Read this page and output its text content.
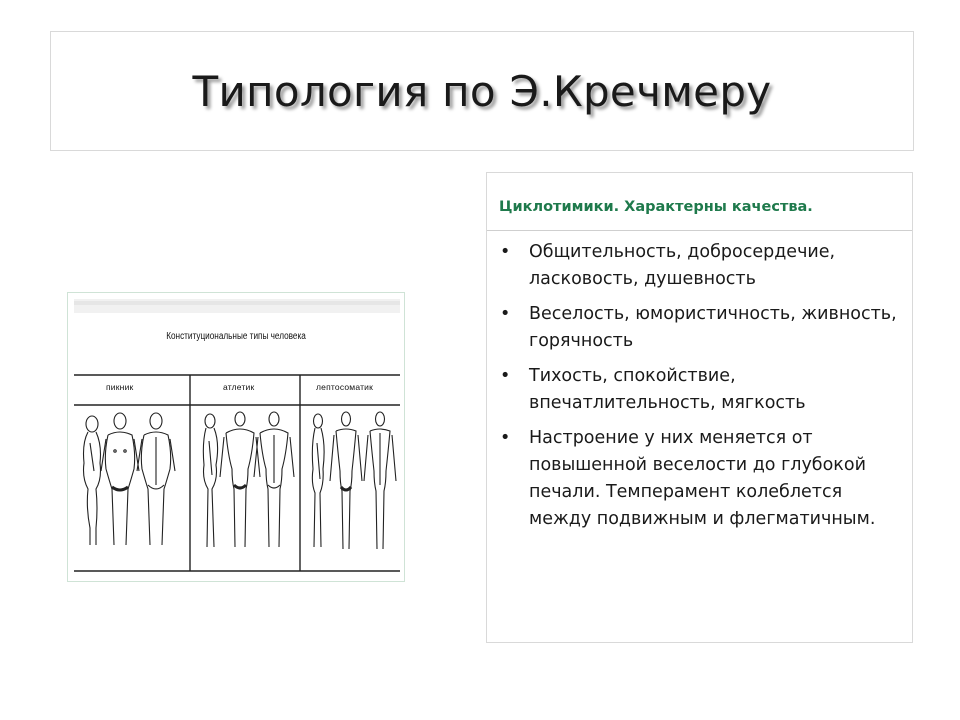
Типология по Э.Кречмеру
Конституциональные типы человека
пикник	атлетик	лептосоматик
Циклотимики. Характерны качества.
• Общительность, добросердечие, ласковость, душевность
• Веселость, юмористичность, живность, горячность
• Тихость, спокойствие, впечатлительность, мягкость
• Настроение у них меняется от повышенной веселости до глубокой печали. Темперамент колеблется между подвижным и флегматичным.
